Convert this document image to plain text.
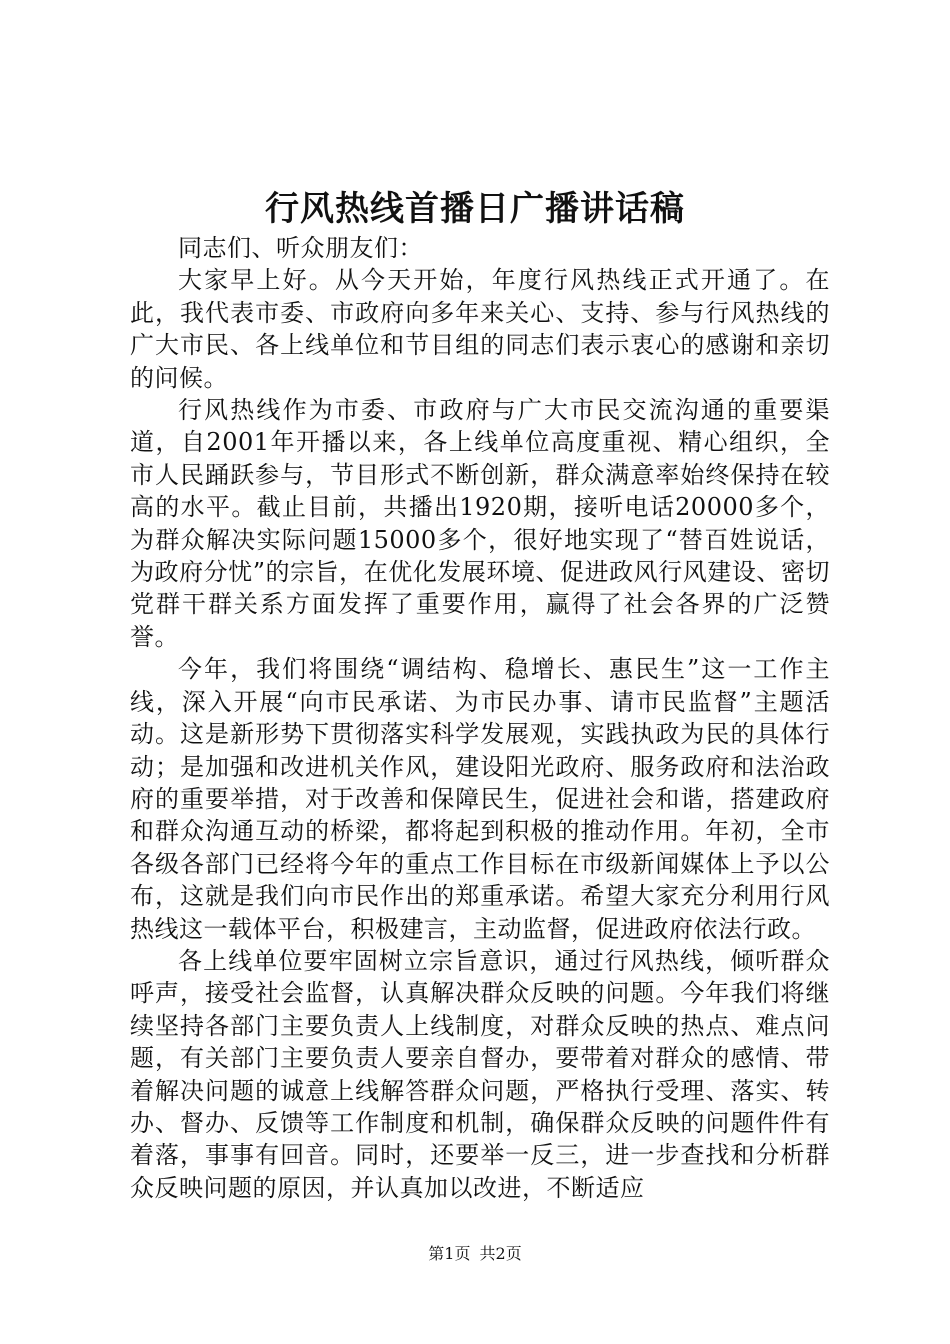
行风热线首播日广播讲话稿

同志们、听众朋友们：

大家早上好。从今天开始，年度行风热线正式开通了。在此，我代表市委、市政府向多年来关心、支持、参与行风热线的广大市民、各上线单位和节目组的同志们表示衷心的感谢和亲切的问候。

行风热线作为市委、市政府与广大市民交流沟通的重要渠道，自2001年开播以来，各上线单位高度重视、精心组织，全市人民踊跃参与，节目形式不断创新，群众满意率始终保持在较高的水平。截止目前，共播出1920期，接听电话20000多个，为群众解决实际问题15000多个，很好地实现了“替百姓说话，为政府分忧”的宗旨，在优化发展环境、促进政风行风建设、密切党群干群关系方面发挥了重要作用，赢得了社会各界的广泛赞誉。

今年，我们将围绕“调结构、稳增长、惠民生”这一工作主线，深入开展“向市民承诺、为市民办事、请市民监督”主题活动。这是新形势下贯彻落实科学发展观，实践执政为民的具体行动；是加强和改进机关作风，建设阳光政府、服务政府和法治政府的重要举措，对于改善和保障民生，促进社会和谐，搭建政府和群众沟通互动的桥梁，都将起到积极的推动作用。年初，全市各级各部门已经将今年的重点工作目标在市级新闻媒体上予以公布，这就是我们向市民作出的郑重承诺。希望大家充分利用行风热线这一载体平台，积极建言，主动监督，促进政府依法行政。

各上线单位要牢固树立宗旨意识，通过行风热线，倾听群众呼声，接受社会监督，认真解决群众反映的问题。今年我们将继续坚持各部门主要负责人上线制度，对群众反映的热点、难点问题，有关部门主要负责人要亲自督办，要带着对群众的感情、带着解决问题的诚意上线解答群众问题，严格执行受理、落实、转办、督办、反馈等工作制度和机制，确保群众反映的问题件件有着落，事事有回音。同时，还要举一反三，进一步查找和分析群众反映问题的原因，并认真加以改进，不断适应

第1页 共2页
